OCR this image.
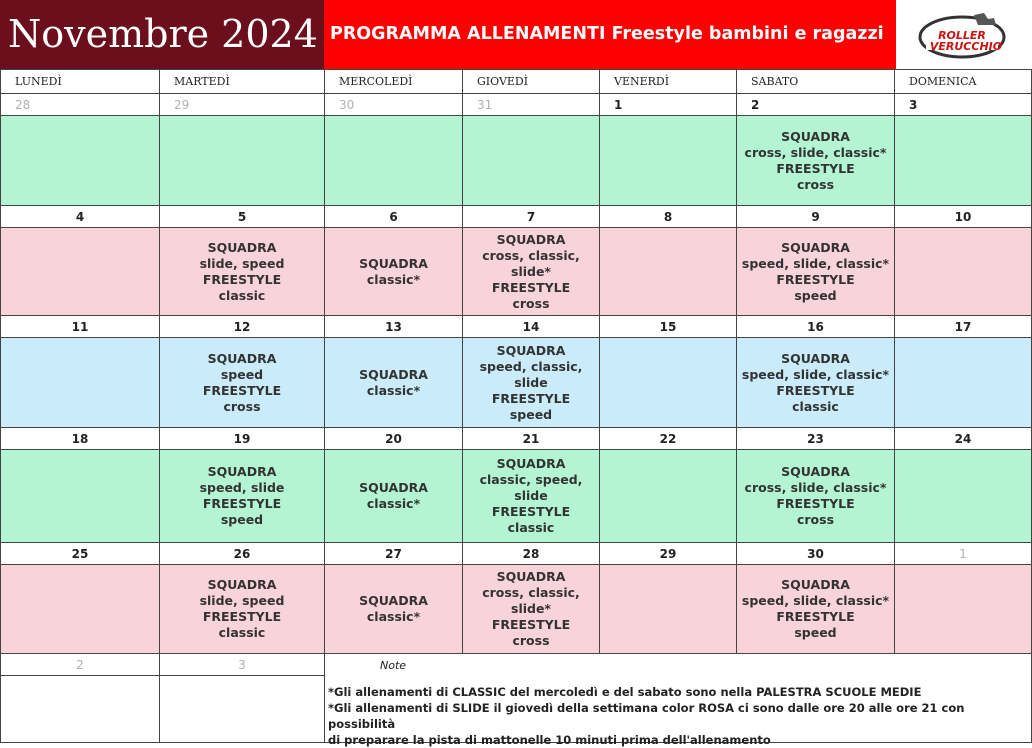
Novembre 2024 PROGRAMMA ALLENAMENTI Freestyle bambini e ragazzi	ROLLER
VERUCCHIO
LUNEDÌ	MARTEDÌ	MERCOLEDÌ	GIOVEDÌ	VENERDÌ	SABATO	DOMENICA
28	29	30	31	1	2	3

					SQUADRA
cross, slide, classic*
FREESTYLE
cross	

4	5	6	7	8	9	10

	SQUADRA
slide, speed
FREESTYLE
classic	SQUADRA
classic*	SQUADRA
cross, classic, slide*
FREESTYLE
cross		SQUADRA
speed, slide, classic*
FREESTYLE
speed	

11	12	13	14	15	16	17

	SQUADRA
speed
FREESTYLE
cross	SQUADRA
classic*	SQUADRA
speed, classic, slide
FREESTYLE
speed		SQUADRA
speed, slide, classic*
FREESTYLE
classic	

18	19	20	21	22	23	24

	SQUADRA
speed, slide
FREESTYLE
speed	SQUADRA
classic*	SQUADRA
classic, speed, slide
FREESTYLE
classic		SQUADRA
cross, slide, classic*
FREESTYLE
cross	

25	26	27	28	29	30	1

	SQUADRA
slide, speed
FREESTYLE
classic	SQUADRA
classic*	SQUADRA
cross, classic, slide*
FREESTYLE
cross		SQUADRA
speed, slide, classic*
FREESTYLE
speed	

2	3					
		Note
*Gli allenamenti di CLASSIC del mercoledì e del sabato sono nella PALESTRA SCUOLE MEDIE
*Gli allenamenti di SLIDE il giovedì della settimana color ROSA ci sono dalle ore 20 alle ore 21 con possibilità
di preparare la pista di mattonelle 10 minuti prima dell'allenamento
